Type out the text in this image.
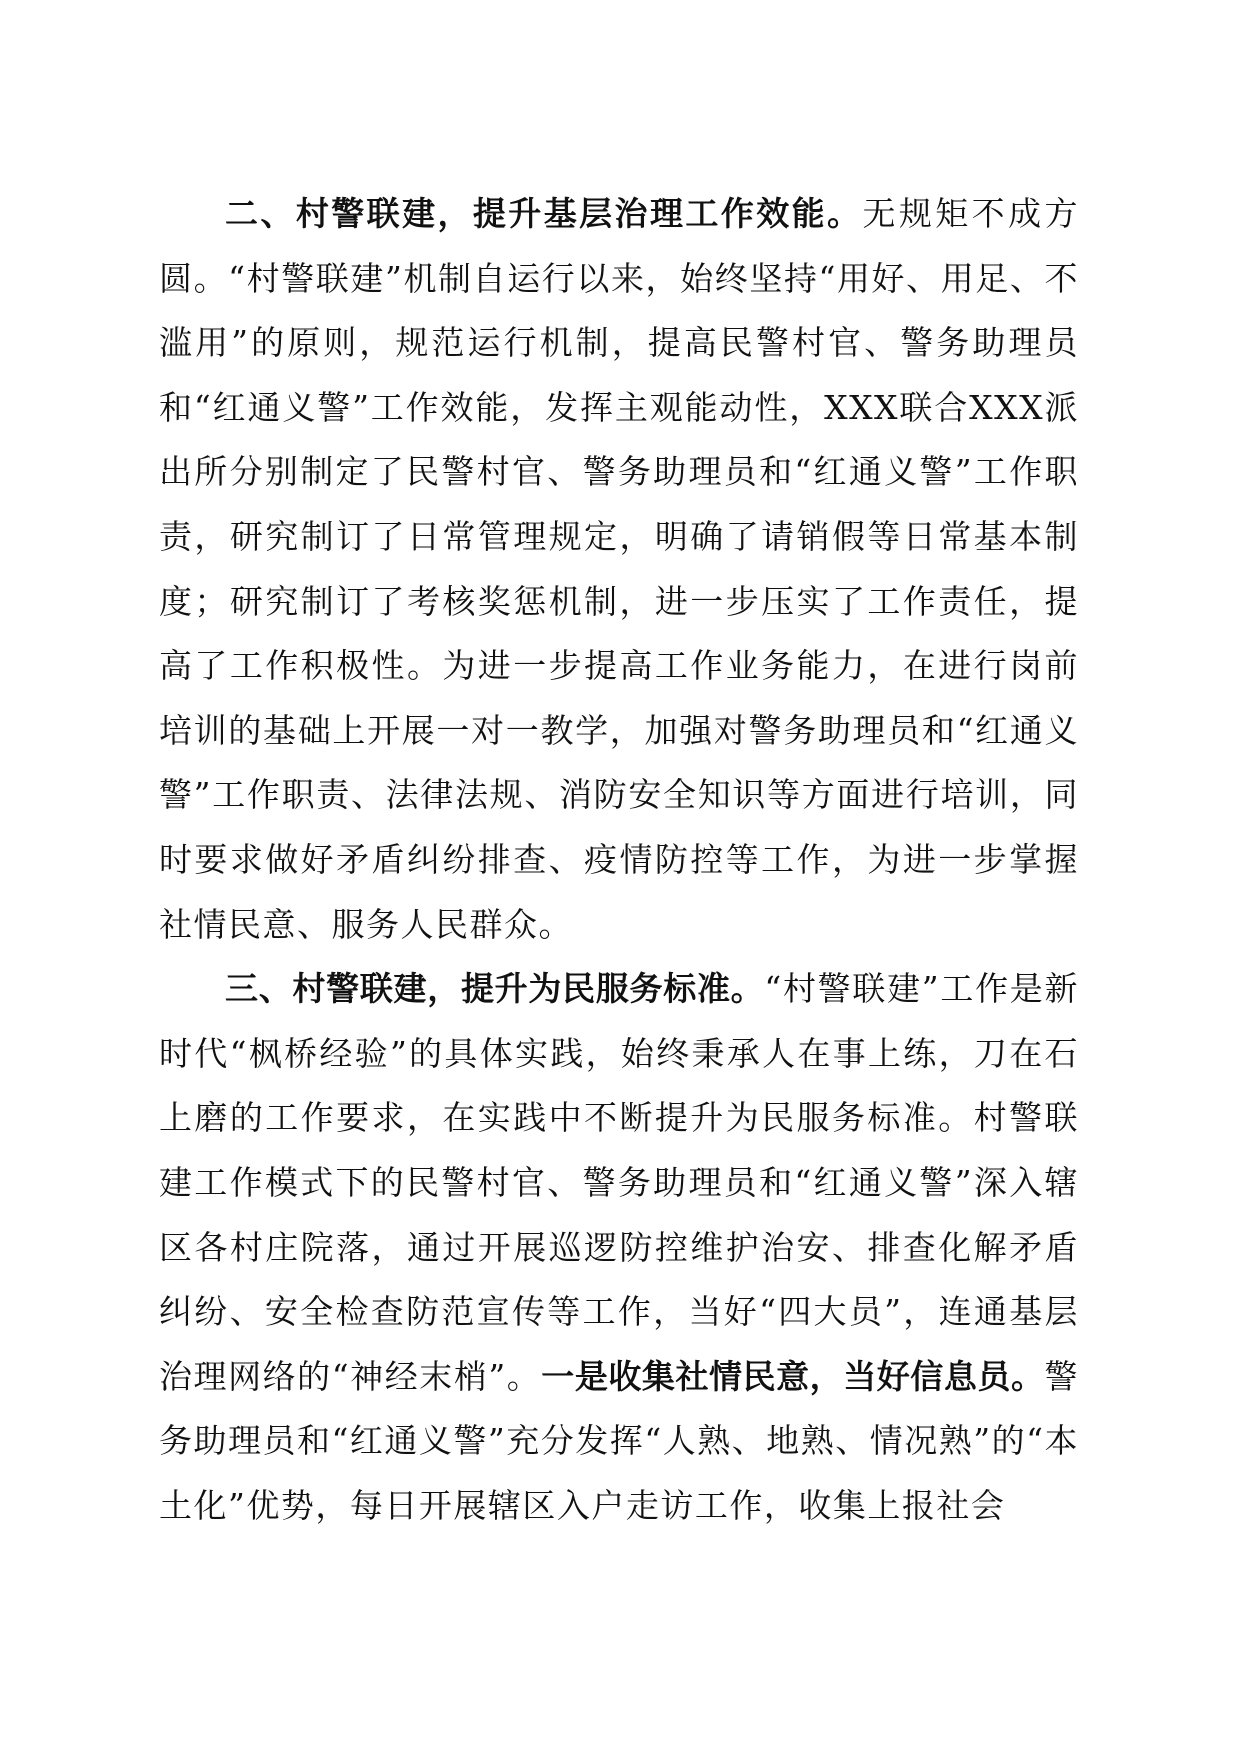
二、村警联建，提升基层治理工作效能。无规矩不成方圆。“村警联建”机制自运行以来，始终坚持“用好、用足、不滥用”的原则，规范运行机制，提高民警村官、警务助理员和“红通义警”工作效能，发挥主观能动性，XXX联合XXX派出所分别制定了民警村官、警务助理员和“红通义警”工作职责，研究制订了日常管理规定，明确了请销假等日常基本制度；研究制订了考核奖惩机制，进一步压实了工作责任，提高了工作积极性。为进一步提高工作业务能力，在进行岗前培训的基础上开展一对一教学，加强对警务助理员和“红通义警”工作职责、法律法规、消防安全知识等方面进行培训，同时要求做好矛盾纠纷排查、疫情防控等工作，为进一步掌握社情民意、服务人民群众。

三、村警联建，提升为民服务标准。“村警联建”工作是新时代“枫桥经验”的具体实践，始终秉承人在事上练，刀在石上磨的工作要求，在实践中不断提升为民服务标准。村警联建工作模式下的民警村官、警务助理员和“红通义警”深入辖区各村庄院落，通过开展巡逻防控维护治安、排查化解矛盾纠纷、安全检查防范宣传等工作，当好“四大员”，连通基层治理网络的“神经末梢”。一是收集社情民意，当好信息员。警务助理员和“红通义警”充分发挥“人熟、地熟、情况熟”的“本土化”优势，每日开展辖区入户走访工作，收集上报社会
